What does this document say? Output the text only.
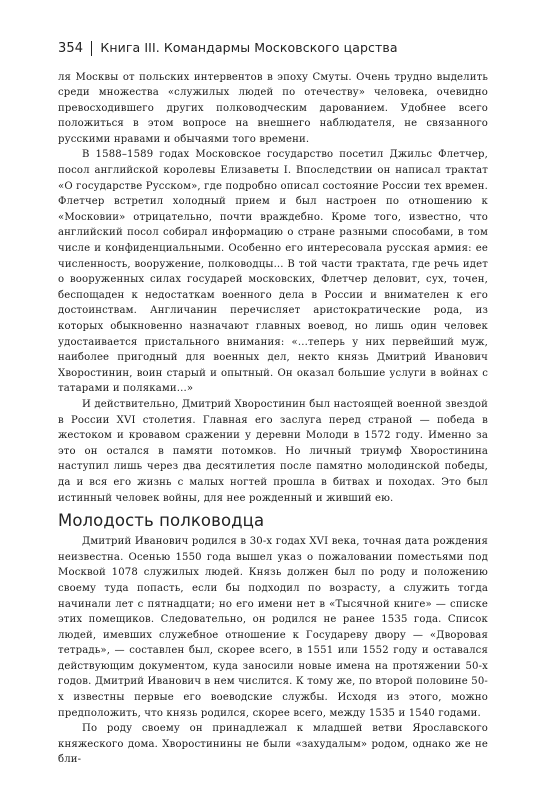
354 Книга III. Командармы Московского царства

ля Москвы от польских интервентов в эпоху Смуты. Очень трудно выделить среди множества «служилых людей по отечеству» человека, очевидно превосходившего других полководческим дарованием. Удобнее всего положиться в этом вопросе на внешнего наблюдателя, не связанного русскими нравами и обычаями того времени.

В 1588–1589 годах Московское государство посетил Джильс Флетчер, посол английской королевы Елизаветы I. Впоследствии он написал трактат «О государстве Русском», где подробно описал состояние России тех времен. Флетчер встретил холодный прием и был настроен по отношению к «Московии» отрицательно, почти враждебно. Кроме того, известно, что английский посол собирал информацию о стране разными способами, в том числе и конфиденциальными. Особенно его интересовала русская армия: ее численность, вооружение, полководцы... В той части трактата, где речь идет о вооруженных силах государей московских, Флетчер деловит, сух, точен, беспощаден к недостаткам военного дела в России и внимателен к его достоинствам. Англичанин перечисляет аристократические рода, из которых обыкновенно назначают главных воевод, но лишь один человек удостаивается пристального внимания: «...теперь у них первейший муж, наиболее пригодный для военных дел, некто князь Дмитрий Иванович Хворостинин, воин старый и опытный. Он оказал большие услуги в войнах с татарами и поляками...»

И действительно, Дмитрий Хворостинин был настоящей военной звездой в России XVI столетия. Главная его заслуга перед страной — победа в жестоком и кровавом сражении у деревни Молоди в 1572 году. Именно за это он остался в памяти потомков. Но личный триумф Хворостинина наступил лишь через два десятилетия после памятно молодинской победы, да и вся его жизнь с малых ногтей прошла в битвах и походах. Это был истинный человек войны, для нее рожденный и живший ею.

Молодость полководца

Дмитрий Иванович родился в 30-х годах XVI века, точная дата рождения неизвестна. Осенью 1550 года вышел указ о пожаловании поместьями под Москвой 1078 служилых людей. Князь должен был по роду и положению своему туда попасть, если бы подходил по возрасту, а служить тогда начинали лет с пятнадцати; но его имени нет в «Тысячной книге» — списке этих помещиков. Следовательно, он родился не ранее 1535 года. Список людей, имевших служебное отношение к Государеву двору — «Дворовая тетрадь», — составлен был, скорее всего, в 1551 или 1552 году и оставался действующим документом, куда заносили новые имена на протяжении 50-х годов. Дмитрий Иванович в нем числится. К тому же, по второй половине 50-х известны первые его воеводские службы. Исходя из этого, можно предположить, что князь родился, скорее всего, между 1535 и 1540 годами.

По роду своему он принадлежал к младшей ветви Ярославского княжеского дома. Хворостинины не были «захудалым» родом, однако же не бли-
